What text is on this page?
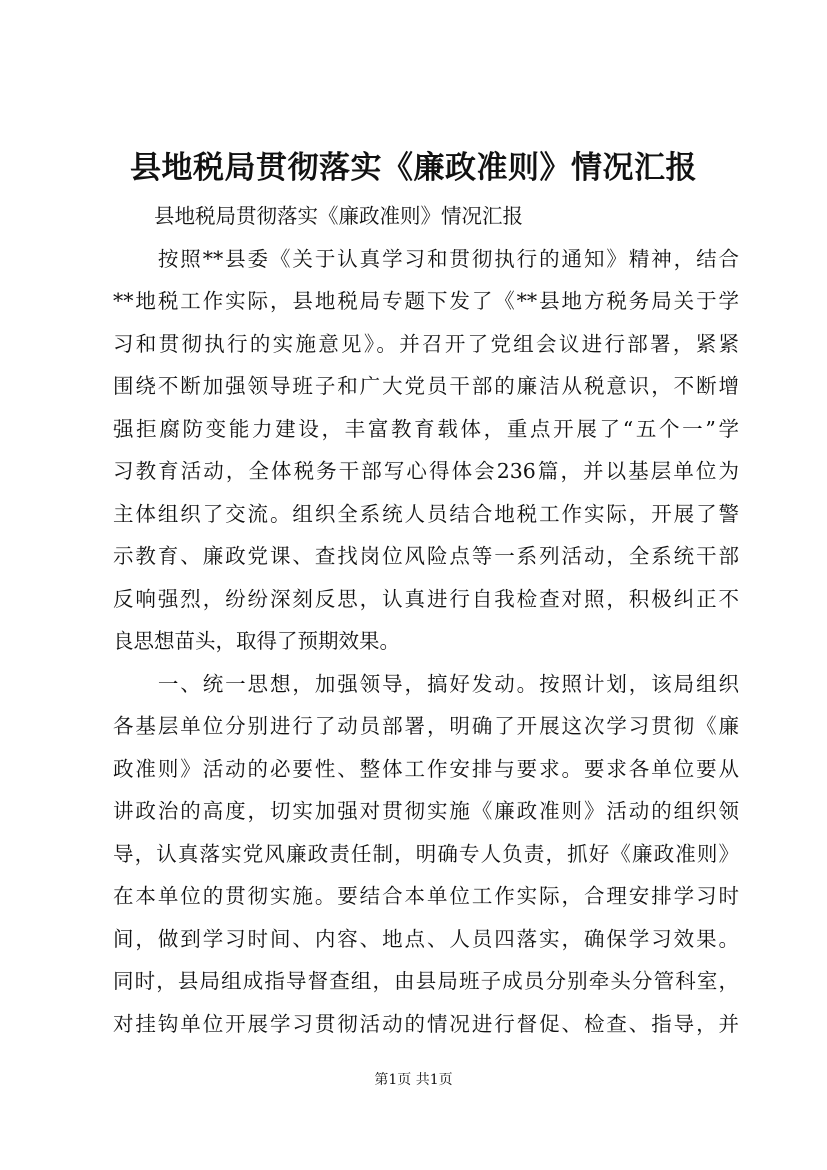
县地税局贯彻落实《廉政准则》情况汇报
　　县地税局贯彻落实《廉政准则》情况汇报
　　按照**县委《关于认真学习和贯彻执行的通知》精神，结合
**地税工作实际，县地税局专题下发了《**县地方税务局关于学
习和贯彻执行的实施意见》。并召开了党组会议进行部署，紧紧
围绕不断加强领导班子和广大党员干部的廉洁从税意识，不断增
强拒腐防变能力建设，丰富教育载体，重点开展了“五个一”学
习教育活动，全体税务干部写心得体会236篇，并以基层单位为
主体组织了交流。组织全系统人员结合地税工作实际，开展了警
示教育、廉政党课、查找岗位风险点等一系列活动，全系统干部
反响强烈，纷纷深刻反思，认真进行自我检查对照，积极纠正不
良思想苗头，取得了预期效果。
　　一、统一思想，加强领导，搞好发动。按照计划，该局组织
各基层单位分别进行了动员部署，明确了开展这次学习贯彻《廉
政准则》活动的必要性、整体工作安排与要求。要求各单位要从
讲政治的高度，切实加强对贯彻实施《廉政准则》活动的组织领
导，认真落实党风廉政责任制，明确专人负责，抓好《廉政准则》
在本单位的贯彻实施。要结合本单位工作实际，合理安排学习时
间，做到学习时间、内容、地点、人员四落实，确保学习效果。
同时，县局组成指导督查组，由县局班子成员分别牵头分管科室，
对挂钩单位开展学习贯彻活动的情况进行督促、检查、指导，并
第1页 共1页
